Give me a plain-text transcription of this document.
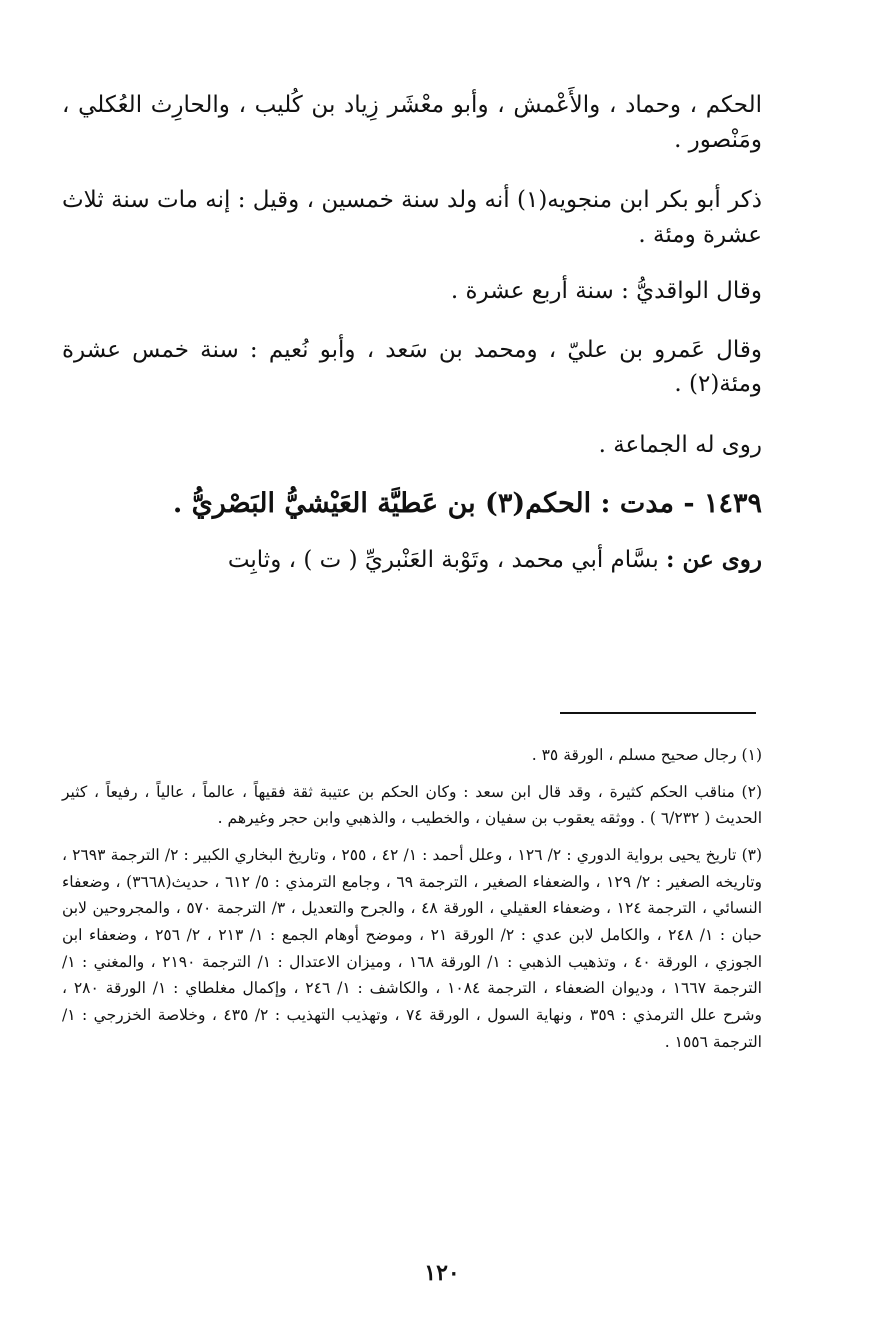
الحكم ، وحماد ، والأَعْمش ، وأبو معْشَر زِياد بن كُليب ، والحارِث العُكلي ، ومَنْصور .

ذكر أبو بكر ابن منجويه(١) أنه ولد سنة خمسين ، وقيل : إنه مات سنة ثلاث عشرة ومئة .

وقال الواقديُّ : سنة أربع عشرة .

وقال عَمرو بن عليّ ، ومحمد بن سَعد ، وأبو نُعيم : سنة خمس عشرة ومئة(٢) .

روى له الجماعة .

١٤٣٩ - مدت : الحكم(٣) بن عَطيَّة العَيْشيُّ البَصْريُّ .

روى عن : بسَّام أبي محمد ، وتَوْبة العَنْبريِّ ( ت ) ، وثابِت

(١) رجال صحيح مسلم ، الورقة ٣٥ .

(٢) مناقب الحكم كثيرة ، وقد قال ابن سعد : وكان الحكم بن عتيبة ثقة فقيهاً ، عالماً ، عالياً ، رفيعاً ، كثير الحديث ( ٦/٢٣٢ ) . ووثقه يعقوب بن سفيان ، والخطيب ، والذهبي وابن حجر وغيرهم .

(٣) تاريخ يحيى برواية الدوري : ٢/ ١٢٦ ، وعلل أحمد : ١/ ٤٢ ، ٢٥٥ ، وتاريخ البخاري الكبير : ٢/ الترجمة ٢٦٩٣ ، وتاريخه الصغير : ٢/ ١٢٩ ، والضعفاء الصغير ، الترجمة ٦٩ ، وجامع الترمذي : ٥/ ٦١٢ ، حديث(٣٦٦٨) ، وضعفاء النسائي ، الترجمة ١٢٤ ، وضعفاء العقيلي ، الورقة ٤٨ ، والجرح والتعديل ، ٣/ الترجمة ٥٧٠ ، والمجروحين لابن حبان : ١/ ٢٤٨ ، والكامل لابن عدي : ٢/ الورقة ٢١ ، وموضح أوهام الجمع : ١/ ٢١٣ ، ٢/ ٢٥٦ ، وضعفاء ابن الجوزي ، الورقة ٤٠ ، وتذهيب الذهبي : ١/ الورقة ١٦٨ ، وميزان الاعتدال : ١/ الترجمة ٢١٩٠ ، والمغني : ١/ الترجمة ١٦٦٧ ، وديوان الضعفاء ، الترجمة ١٠٨٤ ، والكاشف : ١/ ٢٤٦ ، وإكمال مغلطاي : ١/ الورقة ٢٨٠ ، وشرح علل الترمذي : ٣٥٩ ، ونهاية السول ، الورقة ٧٤ ، وتهذيب التهذيب : ٢/ ٤٣٥ ، وخلاصة الخزرجي : ١/ الترجمة ١٥٥٦ .

١٢٠
